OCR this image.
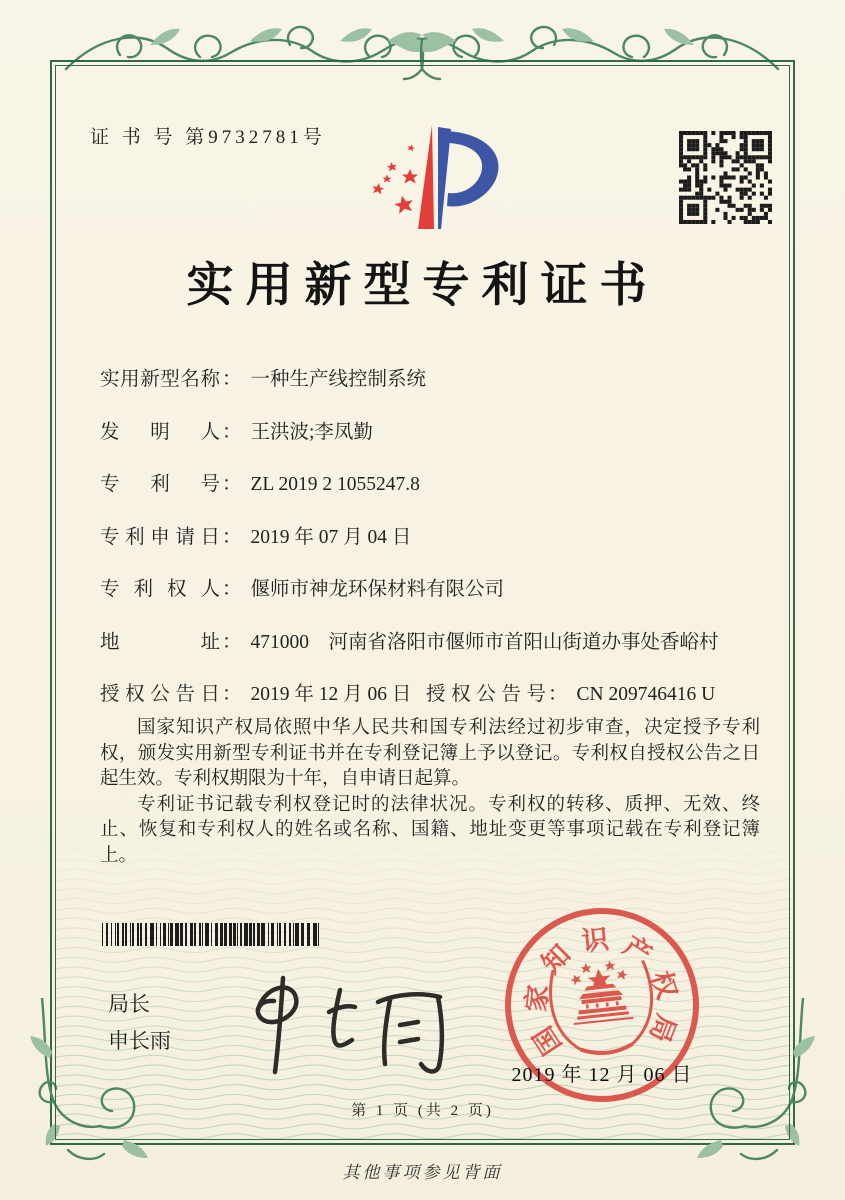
证 书 号 第9732781号
实用新型专利证书
实 用 新 型 名 称 ： 一种生产线控制系统
发 明 人 ： 王洪波;李凤勤
专 利 号 ： ZL 2019 2 1055247.8
专 利 申 请 日 ： 2019 年 07 月 04 日
专 利 权 人 ： 偃师市神龙环保材料有限公司
地	址 ： 471000　河南省洛阳市偃师市首阳山街道办事处香峪村
授 权 公 告 日 ： 2019 年 12 月 06 日 授 权 公 告 号 ： CN 209746416 U

国家知识产权局依照中华人民共和国专利法经过初步审查，决定授予专利权，颁发实用新型专利证书并在专利登记簿上予以登记。专利权自授权公告之日起生效。专利权期限为十年，自申请日起算。

专利证书记载专利权登记时的法律状况。专利权的转移、质押、无效、终止、恢复和专利权人的姓名或名称、国籍、地址变更等事项记载在专利登记簿上。

局长
申长雨	国
家
知 识 产
权
局
2019 年 12 月 06 日
第 1 页 (共 2 页)
其他事项参见背面
